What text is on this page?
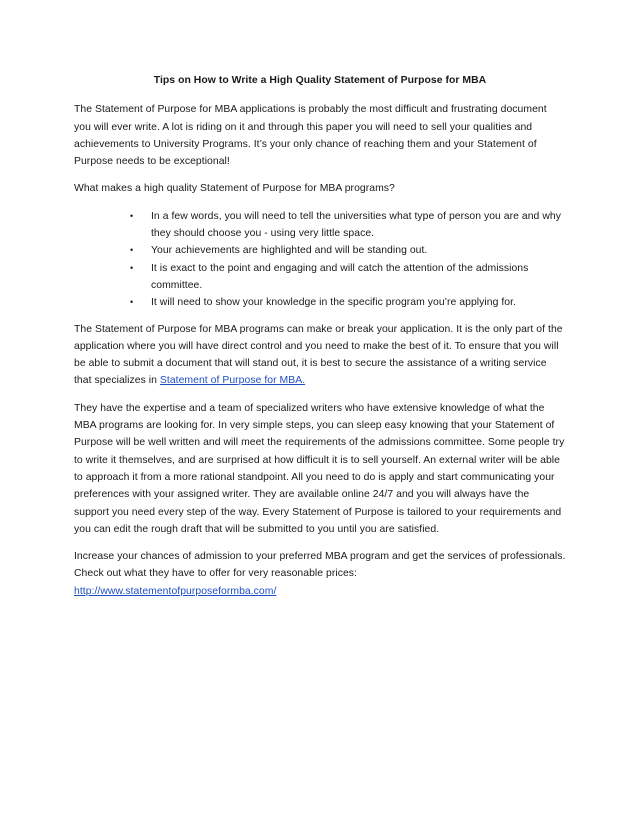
Tips on How to Write a High Quality Statement of Purpose for MBA

The Statement of Purpose for MBA applications is probably the most difficult and frustrating document you will ever write. A lot is riding on it and through this paper you will need to sell your qualities and achievements to University Programs. It’s your only chance of reaching them and your Statement of Purpose needs to be exceptional!

What makes a high quality Statement of Purpose for MBA programs?

• In a few words, you will need to tell the universities what type of person you are and why they should choose you - using very little space.
• Your achievements are highlighted and will be standing out.
• It is exact to the point and engaging and will catch the attention of the admissions committee.
• It will need to show your knowledge in the specific program you’re applying for.

The Statement of Purpose for MBA programs can make or break your application. It is the only part of the application where you will have direct control and you need to make the best of it. To ensure that you will be able to submit a document that will stand out, it is best to secure the assistance of a writing service that specializes in Statement of Purpose for MBA.

They have the expertise and a team of specialized writers who have extensive knowledge of what the MBA programs are looking for. In very simple steps, you can sleep easy knowing that your Statement of Purpose will be well written and will meet the requirements of the admissions committee. Some people try to write it themselves, and are surprised at how difficult it is to sell yourself. An external writer will be able to approach it from a more rational standpoint. All you need to do is apply and start communicating your preferences with your assigned writer. They are available online 24/7 and you will always have the support you need every step of the way. Every Statement of Purpose is tailored to your requirements and you can edit the rough draft that will be submitted to you until you are satisfied.

Increase your chances of admission to your preferred MBA program and get the services of professionals. Check out what they have to offer for very reasonable prices:
http://www.statementofpurposeformba.com/
